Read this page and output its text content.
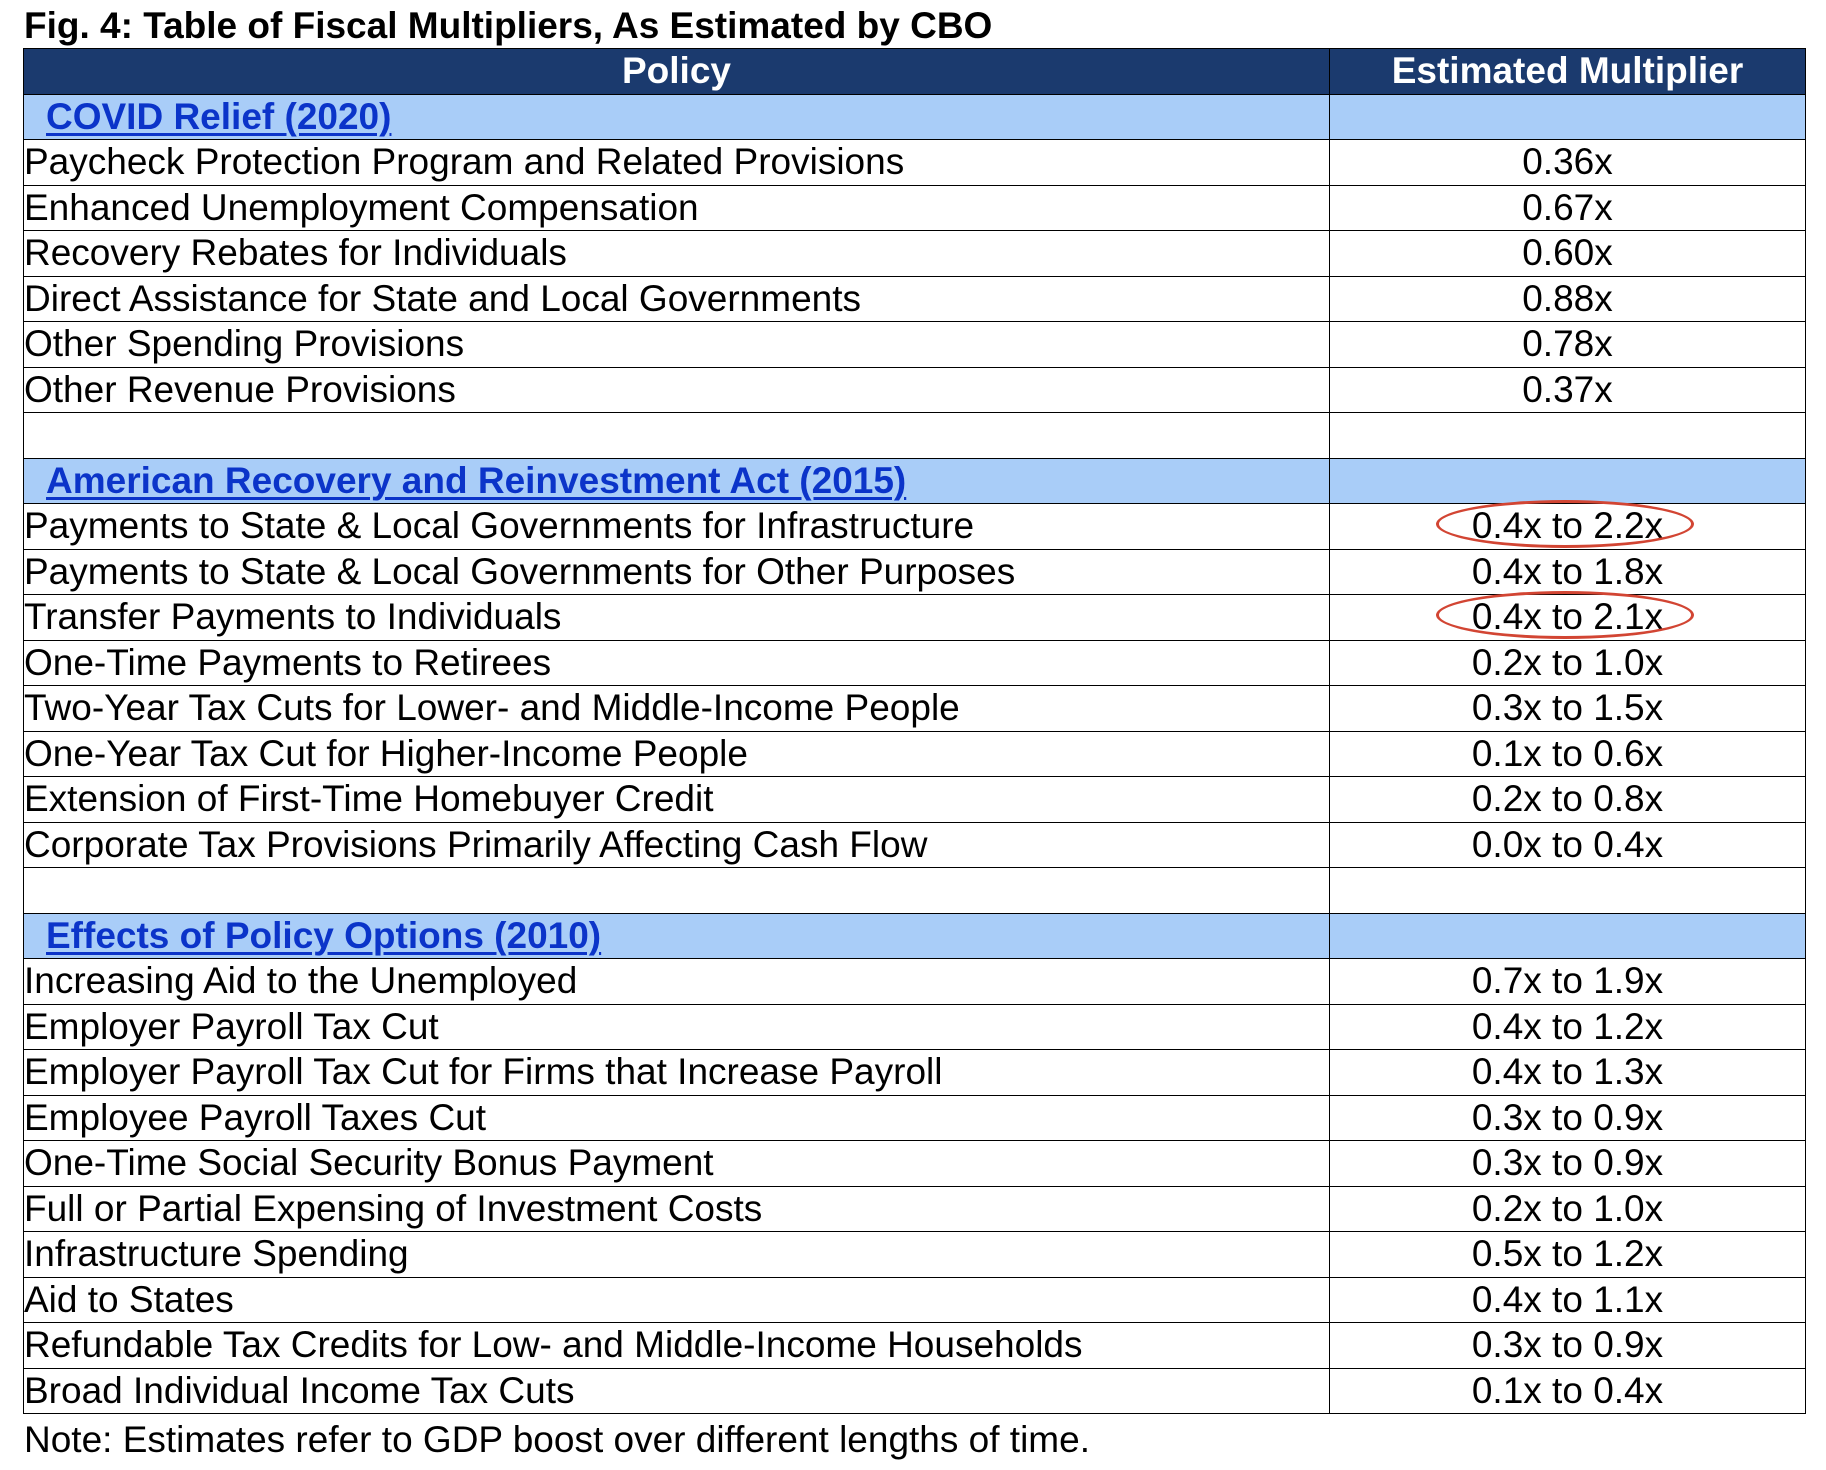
Fig. 4: Table of Fiscal Multipliers, As Estimated by CBO
Policy	Estimated Multiplier
COVID Relief (2020)	
Paycheck Protection Program and Related Provisions	0.36x
Enhanced Unemployment Compensation	0.67x
Recovery Rebates for Individuals	0.60x
Direct Assistance for State and Local Governments	0.88x
Other Spending Provisions	0.78x
Other Revenue Provisions	0.37x

American Recovery and Reinvestment Act (2015)	
Payments to State & Local Governments for Infrastructure	0.4x to 2.2x

Payments to State & Local Governments for Other Purposes	0.4x to 1.8x
Transfer Payments to Individuals	0.4x to 2.1x

One-Time Payments to Retirees	0.2x to 1.0x
Two-Year Tax Cuts for Lower- and Middle-Income People	0.3x to 1.5x
One-Year Tax Cut for Higher-Income People	0.1x to 0.6x
Extension of First-Time Homebuyer Credit	0.2x to 0.8x
Corporate Tax Provisions Primarily Affecting Cash Flow	0.0x to 0.4x

Effects of Policy Options (2010)	
Increasing Aid to the Unemployed	0.7x to 1.9x
Employer Payroll Tax Cut	0.4x to 1.2x
Employer Payroll Tax Cut for Firms that Increase Payroll	0.4x to 1.3x
Employee Payroll Taxes Cut	0.3x to 0.9x
One-Time Social Security Bonus Payment	0.3x to 0.9x
Full or Partial Expensing of Investment Costs	0.2x to 1.0x
Infrastructure Spending	0.5x to 1.2x
Aid to States	0.4x to 1.1x
Refundable Tax Credits for Low- and Middle-Income Households	0.3x to 0.9x
Broad Individual Income Tax Cuts	0.1x to 0.4x
Note: Estimates refer to GDP boost over different lengths of time.
